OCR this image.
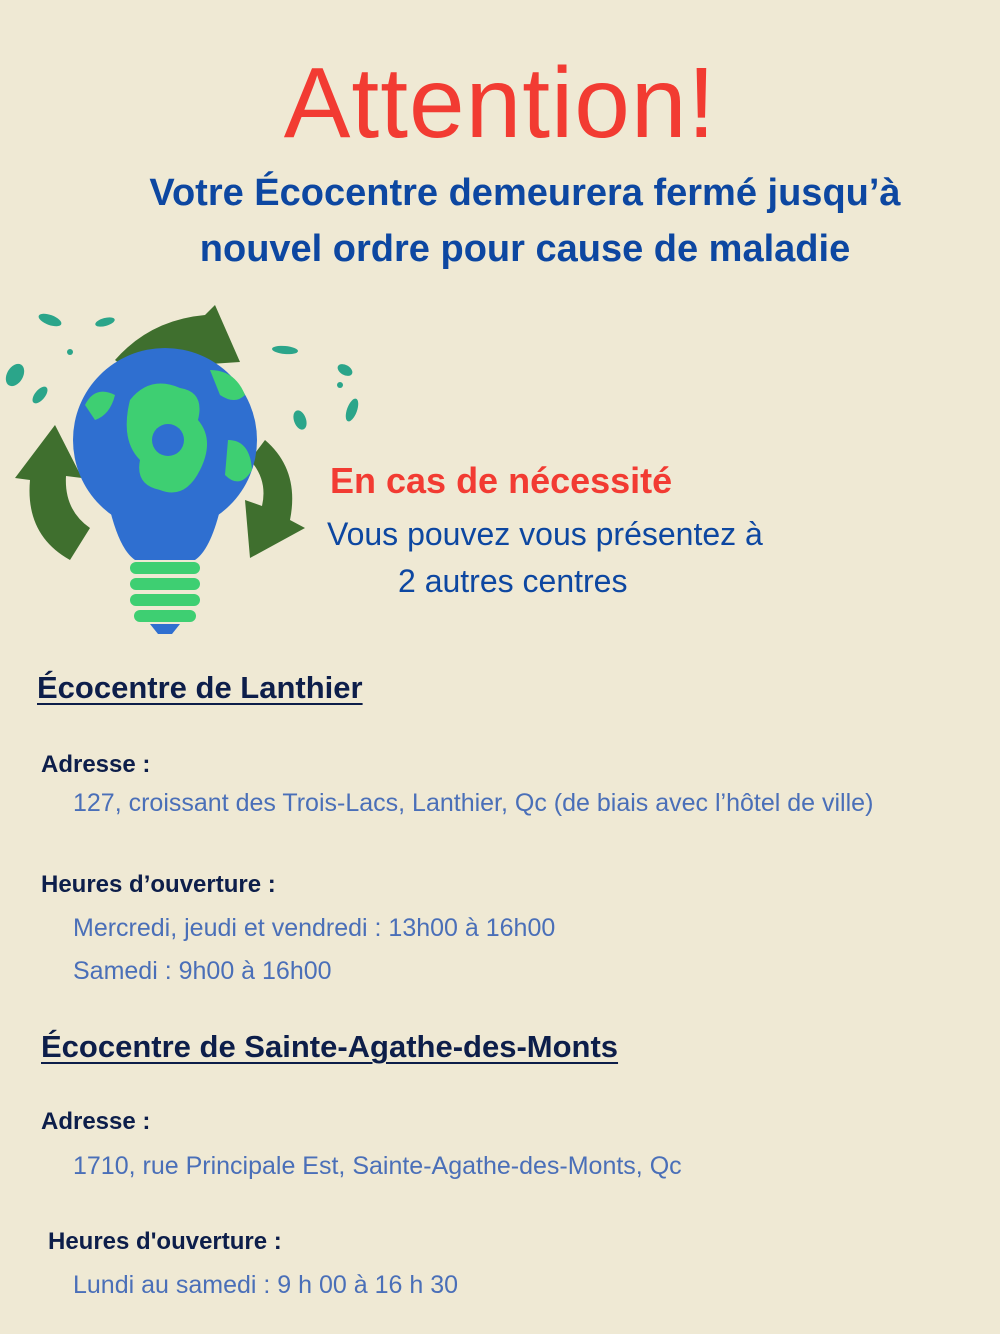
Attention!
Votre Écocentre demeurera fermé jusqu’à
nouvel ordre pour cause de maladie
En cas de nécessité
Vous pouvez vous présentez à
2 autres centres
Écocentre de Lanthier
Adresse :
127, croissant des Trois-Lacs, Lanthier, Qc (de biais avec l’hôtel de ville)
Heures d’ouverture :
Mercredi, jeudi et vendredi : 13h00 à 16h00
Samedi : 9h00 à 16h00
Écocentre de Sainte-Agathe-des-Monts
Adresse :
1710, rue Principale Est, Sainte-Agathe-des-Monts, Qc
Heures d'ouverture :
Lundi au samedi : 9 h 00 à 16 h 30
